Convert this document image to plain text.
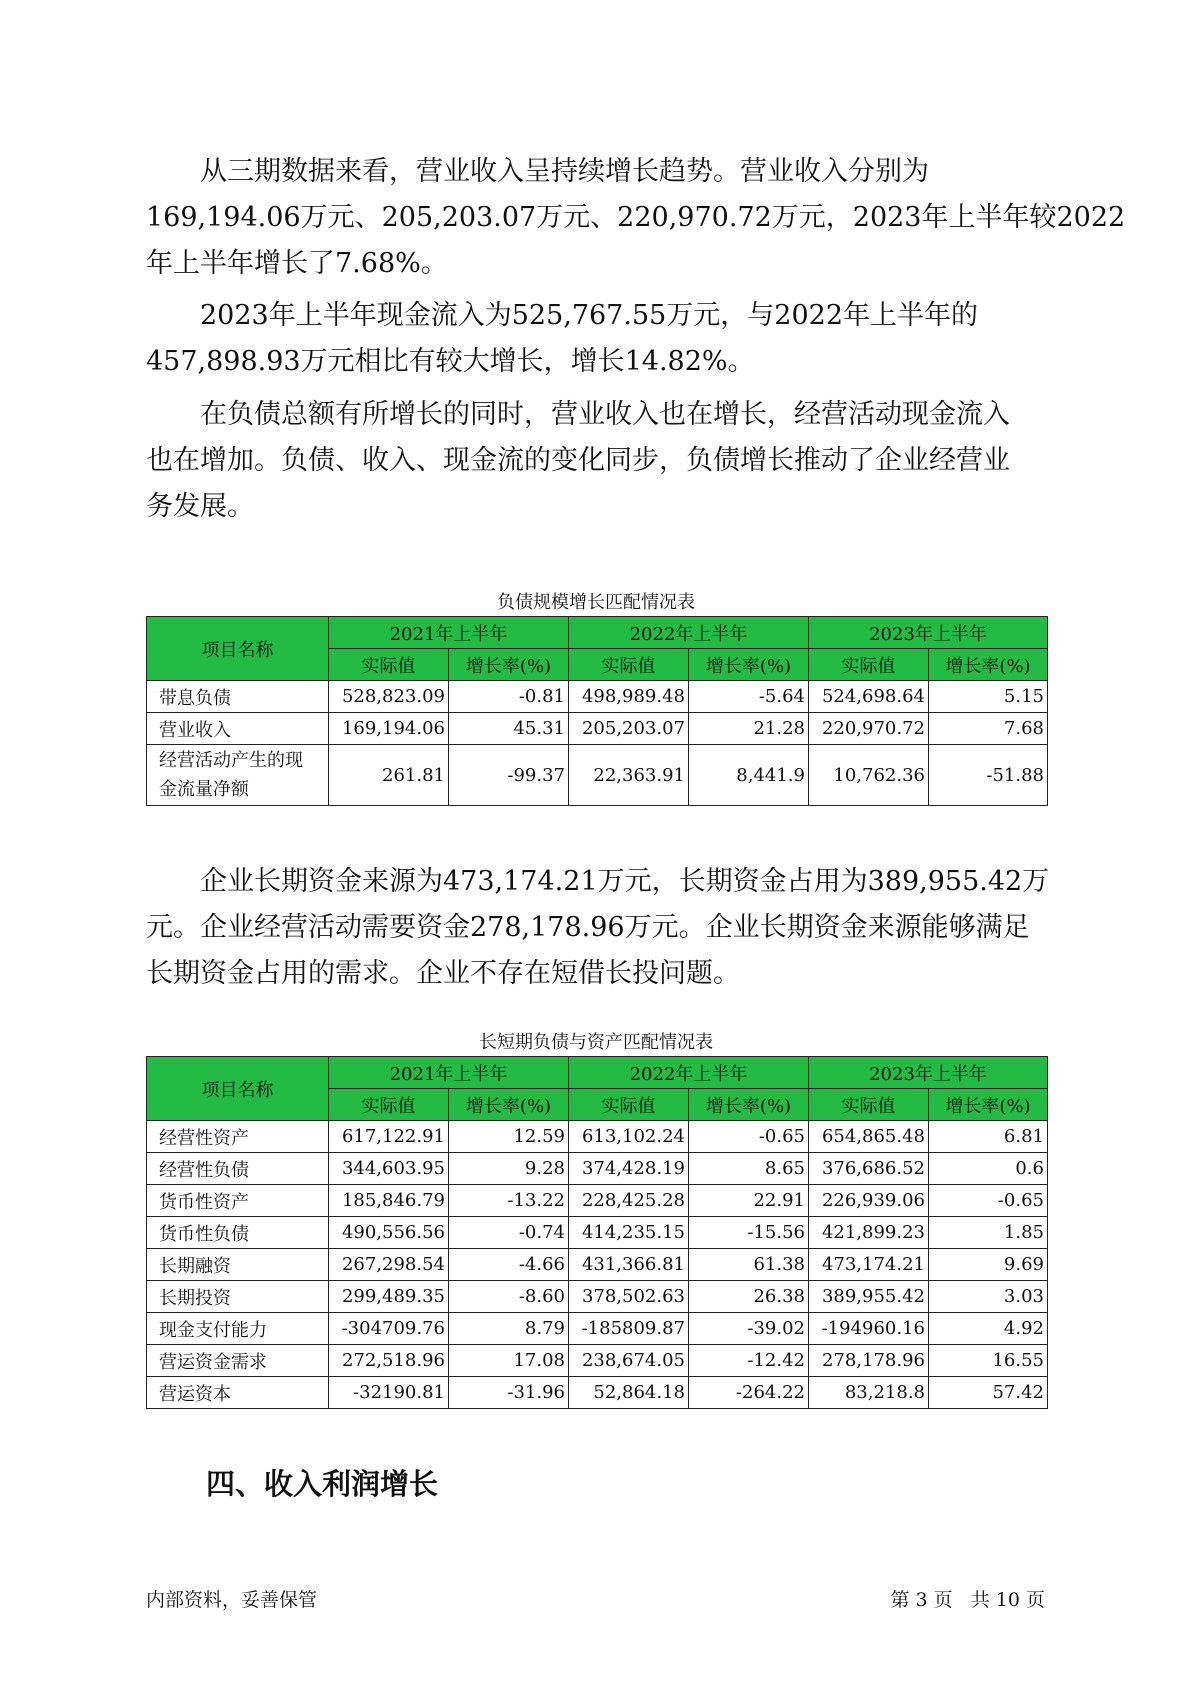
从三期数据来看，营业收入呈持续增长趋势。营业收入分别为
169,194.06万元、205,203.07万元、220,970.72万元，2023年上半年较2022
年上半年增长了7.68%。

2023年上半年现金流入为525,767.55万元，与2022年上半年的
457,898.93万元相比有较大增长，增长14.82%。

在负债总额有所增长的同时，营业收入也在增长，经营活动现金流入
也在增加。负债、收入、现金流的变化同步，负债增长推动了企业经营业
务发展。

负债规模增长匹配情况表
项目名称	2021年上半年		2022年上半年		2023年上半年	
	实际值	增长率(%)	实际值	增长率(%)	实际值	增长率(%)
带息负债	528,823.09	-0.81	498,989.48	-5.64	524,698.64	5.15
营业收入	169,194.06	45.31	205,203.07	21.28	220,970.72	7.68

经营活动产生的现
金流量净额	261.81	-99.37	22,363.91	8,441.9	10,762.36	-51.88

企业长期资金来源为473,174.21万元，长期资金占用为389,955.42万
元。企业经营活动需要资金278,178.96万元。企业长期资金来源能够满足
长期资金占用的需求。企业不存在短借长投问题。

长短期负债与资产匹配情况表
项目名称	2021年上半年		2022年上半年		2023年上半年	
	实际值	增长率(%)	实际值	增长率(%)	实际值	增长率(%)
经营性资产	617,122.91	12.59	613,102.24	-0.65	654,865.48	6.81
经营性负债	344,603.95	9.28	374,428.19	8.65	376,686.52	0.6
货币性资产	185,846.79	-13.22	228,425.28	22.91	226,939.06	-0.65
货币性负债	490,556.56	-0.74	414,235.15	-15.56	421,899.23	1.85
长期融资	267,298.54	-4.66	431,366.81	61.38	473,174.21	9.69
长期投资	299,489.35	-8.60	378,502.63	26.38	389,955.42	3.03
现金支付能力	-304709.76	8.79	-185809.87	-39.02	-194960.16	4.92
营运资金需求	272,518.96	17.08	238,674.05	-12.42	278,178.96	16.55
营运资本	-32190.81	-31.96	52,864.18	-264.22	83,218.8	57.42
四、收入利润增长
内部资料，妥善保管	第 3 页   共 10 页
